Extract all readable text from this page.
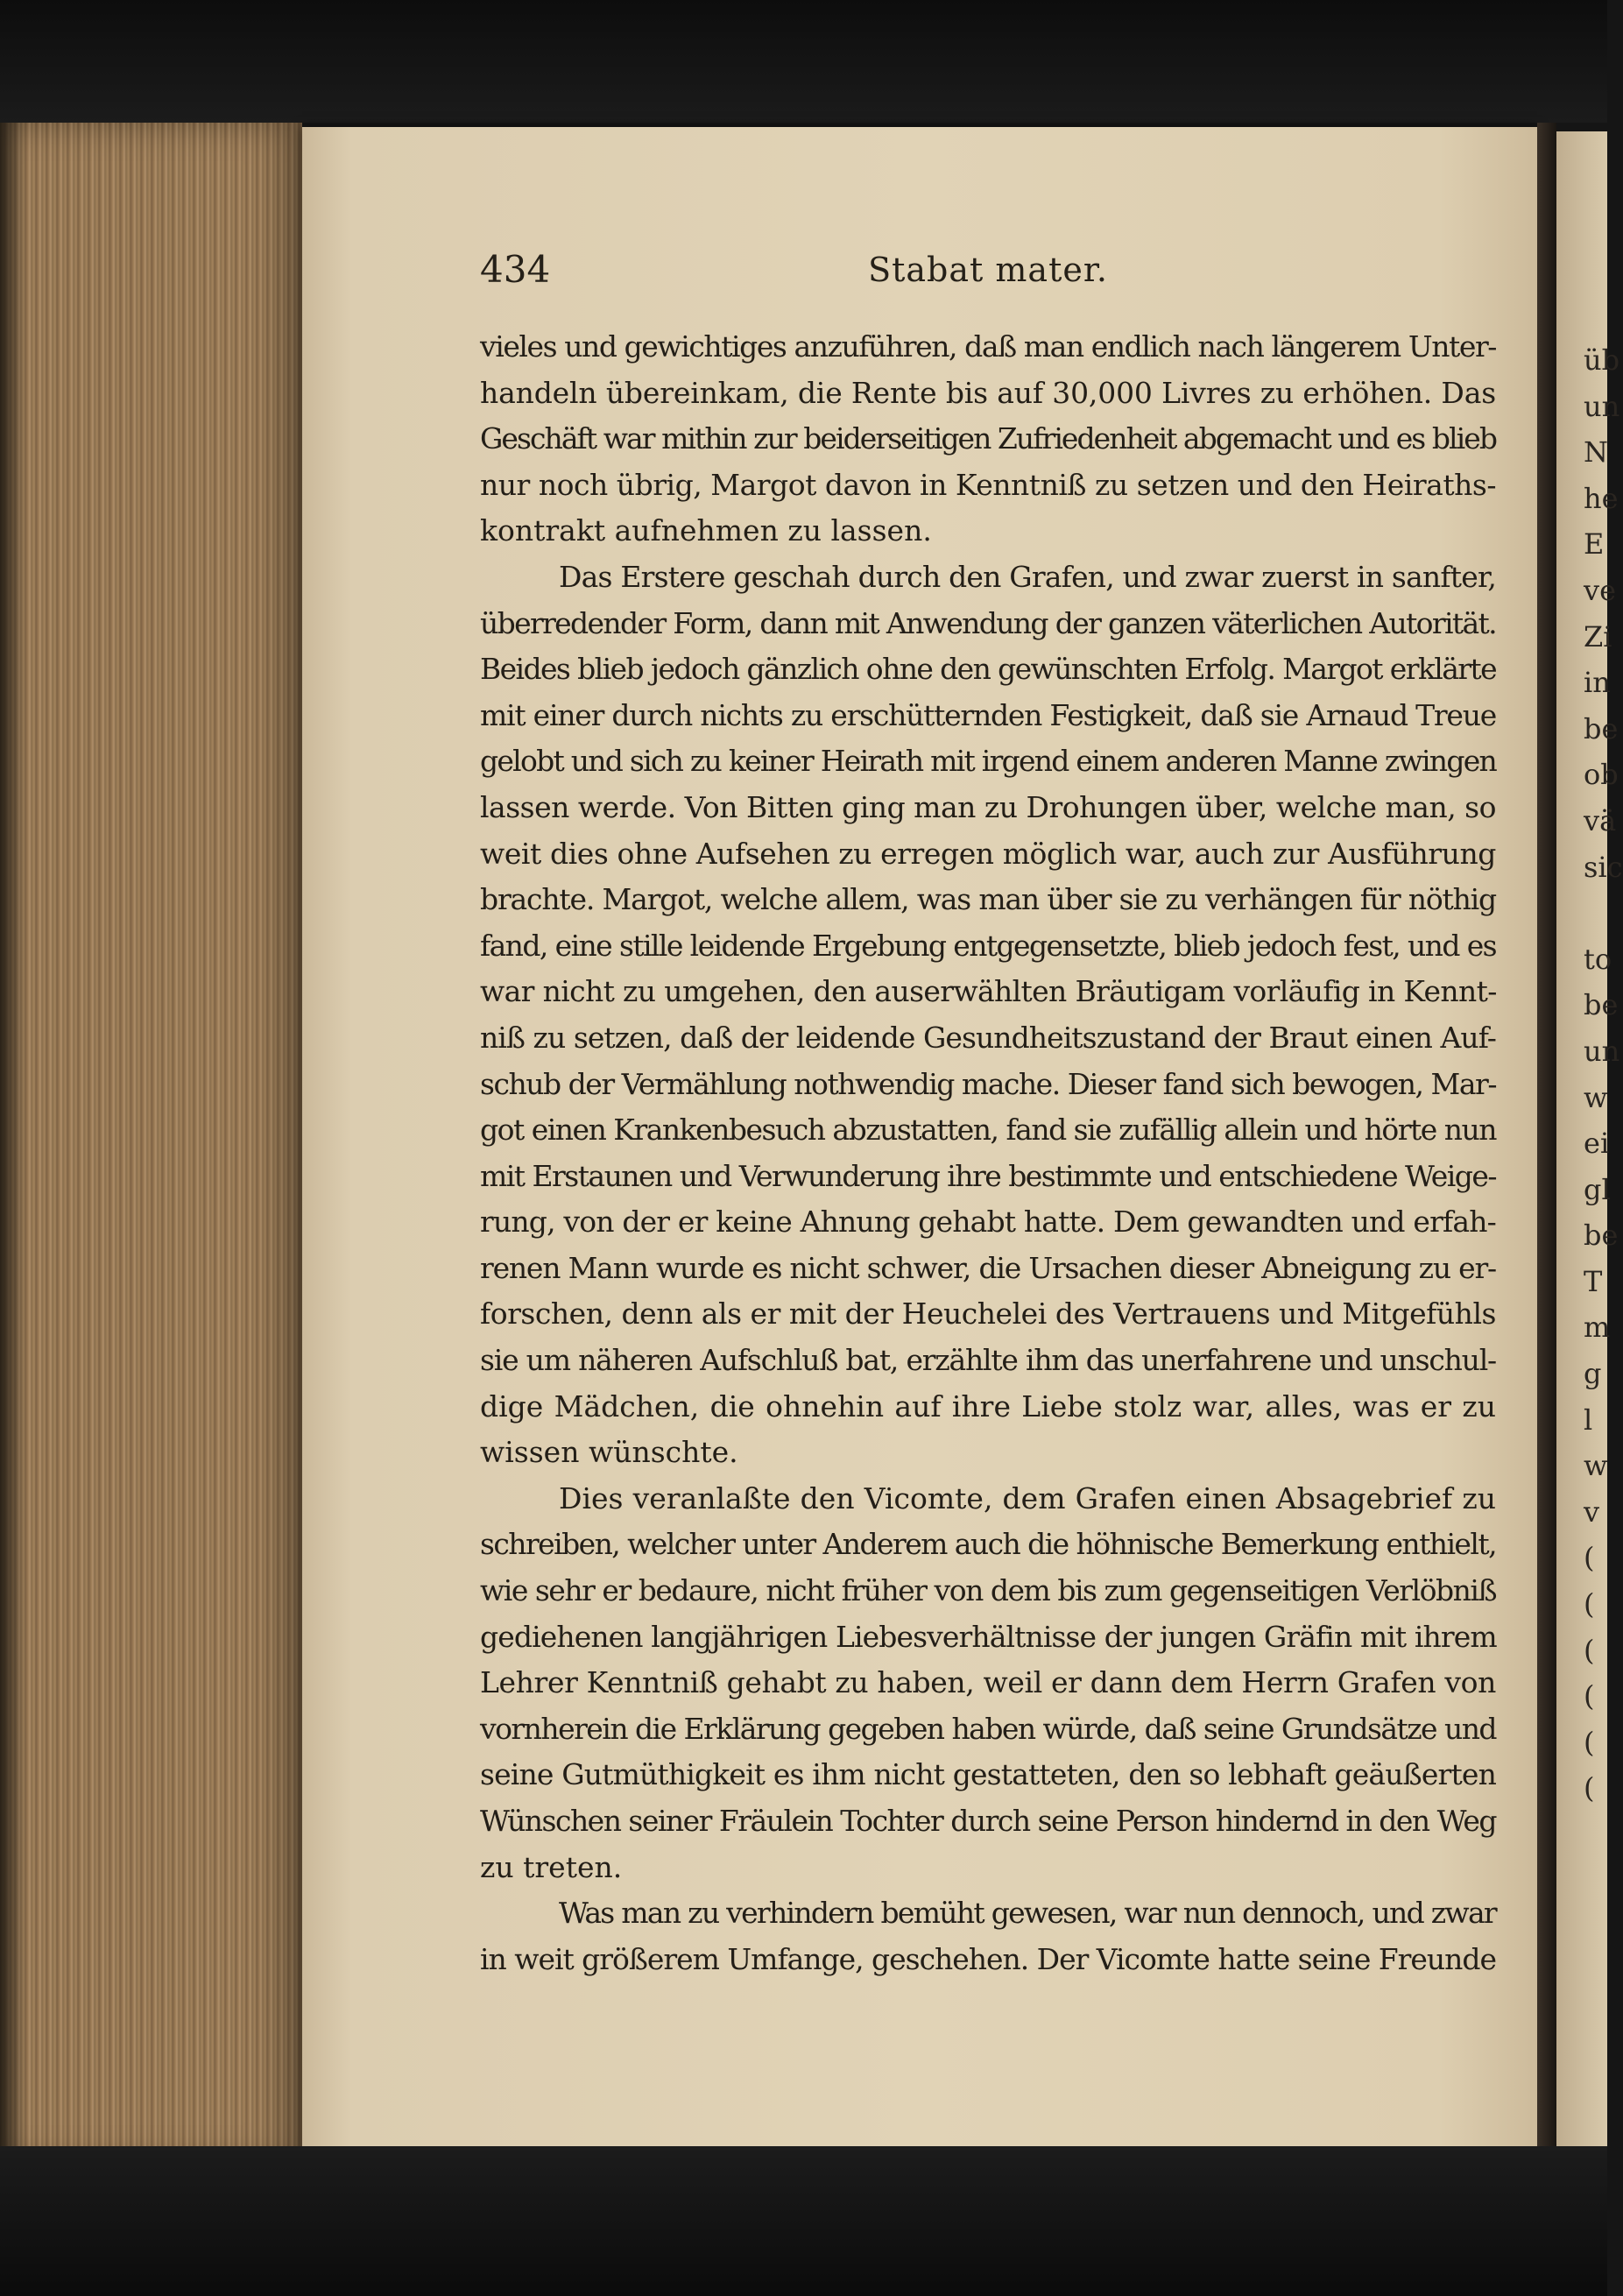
Stabat mater.
434
vieles und gewichtiges anzuführen, daß man endlich nach längerem Unter-
handeln übereinkam, die Rente bis auf 30,000 Livres zu erhöhen. Das
Geschäft war mithin zur beiderseitigen Zufriedenheit abgemacht und es blieb
nur noch übrig, Margot davon in Kenntniß zu setzen und den Heiraths-
kontrakt aufnehmen zu lassen.
Das Erstere geschah durch den Grafen, und zwar zuerst in sanfter,
überredender Form, dann mit Anwendung der ganzen väterlichen Autorität.
Beides blieb jedoch gänzlich ohne den gewünschten Erfolg. Margot erklärte
mit einer durch nichts zu erschütternden Festigkeit, daß sie Arnaud Treue
gelobt und sich zu keiner Heirath mit irgend einem anderen Manne zwingen
lassen werde. Von Bitten ging man zu Drohungen über, welche man, so
weit dies ohne Aufsehen zu erregen möglich war, auch zur Ausführung
brachte. Margot, welche allem, was man über sie zu verhängen für nöthig
fand, eine stille leidende Ergebung entgegensetzte, blieb jedoch fest, und es
war nicht zu umgehen, den auserwählten Bräutigam vorläufig in Kennt-
niß zu setzen, daß der leidende Gesundheitszustand der Braut einen Auf-
schub der Vermählung nothwendig mache. Dieser fand sich bewogen, Mar-
got einen Krankenbesuch abzustatten, fand sie zufällig allein und hörte nun
mit Erstaunen und Verwunderung ihre bestimmte und entschiedene Weige-
rung, von der er keine Ahnung gehabt hatte. Dem gewandten und erfah-
renen Mann wurde es nicht schwer, die Ursachen dieser Abneigung zu er-
forschen, denn als er mit der Heuchelei des Vertrauens und Mitgefühls
sie um näheren Aufschluß bat, erzählte ihm das unerfahrene und unschul-
dige Mädchen, die ohnehin auf ihre Liebe stolz war, alles, was er zu
wissen wünschte.
Dies veranlaßte den Vicomte, dem Grafen einen Absagebrief zu
schreiben, welcher unter Anderem auch die höhnische Bemerkung enthielt,
wie sehr er bedaure, nicht früher von dem bis zum gegenseitigen Verlöbniß
gediehenen langjährigen Liebesverhältnisse der jungen Gräfin mit ihrem
Lehrer Kenntniß gehabt zu haben, weil er dann dem Herrn Grafen von
vornherein die Erklärung gegeben haben würde, daß seine Grundsätze und
seine Gutmüthigkeit es ihm nicht gestatteten, den so lebhaft geäußerten
Wünschen seiner Fräulein Tochter durch seine Person hindernd in den Weg
zu treten.
Was man zu verhindern bemüht gewesen, war nun dennoch, und zwar
in weit größerem Umfange, geschehen. Der Vicomte hatte seine Freunde
üb
un
N
he
E
ve
Zi
in
be
ob
vä
sic
to
be
un
w
ei
gl
be
T
m
g
l
w
v
(
(
(
(
(
(
